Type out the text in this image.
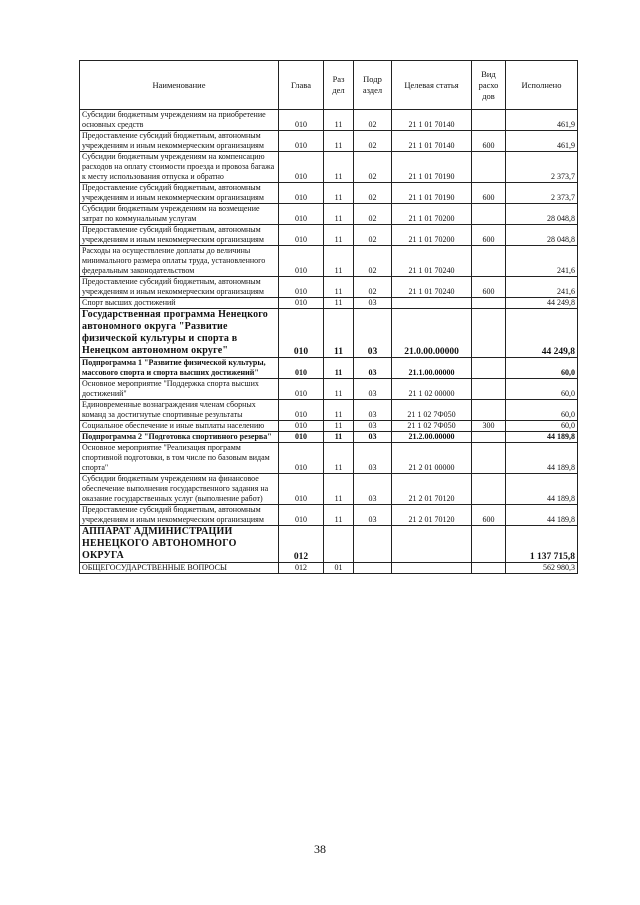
Наименование	Глава	Раз дел	Подр аздел	Целевая статья	Вид расхо дов	Исполнено
Субсидии бюджетным учреждениям на приобретение основных средств	010	11	02	21 1 01 70140		461,9
Предоставление субсидий бюджетным, автономным учреждениям и иным некоммерческим организациям	010	11	02	21 1 01 70140	600	461,9
Субсидии бюджетным учреждениям на компенсацию расходов на оплату стоимости проезда и провоза багажа к месту использования отпуска и обратно	010	11	02	21 1 01 70190		2 373,7
Предоставление субсидий бюджетным, автономным учреждениям и иным некоммерческим организациям	010	11	02	21 1 01 70190	600	2 373,7
Субсидии бюджетным учреждениям на возмещение затрат по коммунальным услугам	010	11	02	21 1 01 70200		28 048,8
Предоставление субсидий бюджетным, автономным учреждениям и иным некоммерческим организациям	010	11	02	21 1 01 70200	600	28 048,8
Расходы на осуществление доплаты до величины минимального размера оплаты труда, установленного федеральным законодательством	010	11	02	21 1 01 70240		241,6
Предоставление субсидий бюджетным, автономным учреждениям и иным некоммерческим организациям	010	11	02	21 1 01 70240	600	241,6
Спорт высших достижений	010	11	03			44 249,8
Государственная программа Ненецкого автономного округа "Развитие физической культуры и спорта в Ненецком автономном округе"	010	11	03	21.0.00.00000		44 249,8
Подпрограмма 1 "Развитие физической культуры, массового спорта и спорта высших достижений"	010	11	03	21.1.00.00000		60,0
Основное мероприятие "Поддержка спорта высших достижений"	010	11	03	21 1 02 00000		60,0
Единовременные вознаграждения членам сборных команд за достигнутые спортивные результаты	010	11	03	21 1 02 7Ф050		60,0
Социальное обеспечение и иные выплаты населению	010	11	03	21 1 02 7Ф050	300	60,0
Подпрограмма 2 "Подготовка спортивного резерва"	010	11	03	21.2.00.00000		44 189,8
Основное мероприятие "Реализация программ спортивной подготовки, в том числе по базовым видам спорта"	010	11	03	21 2 01 00000		44 189,8
Субсидии бюджетным учреждениям на финансовое обеспечение выполнения государственного задания на оказание государственных услуг (выполнение работ)	010	11	03	21 2 01 70120		44 189,8
Предоставление субсидий бюджетным, автономным учреждениям и иным некоммерческим организациям	010	11	03	21 2 01 70120	600	44 189,8
АППАРАТ АДМИНИСТРАЦИИ НЕНЕЦКОГО АВТОНОМНОГО ОКРУГА	012					1 137 715,8
ОБЩЕГОСУДАРСТВЕННЫЕ ВОПРОСЫ	012	01				562 980,3
38
